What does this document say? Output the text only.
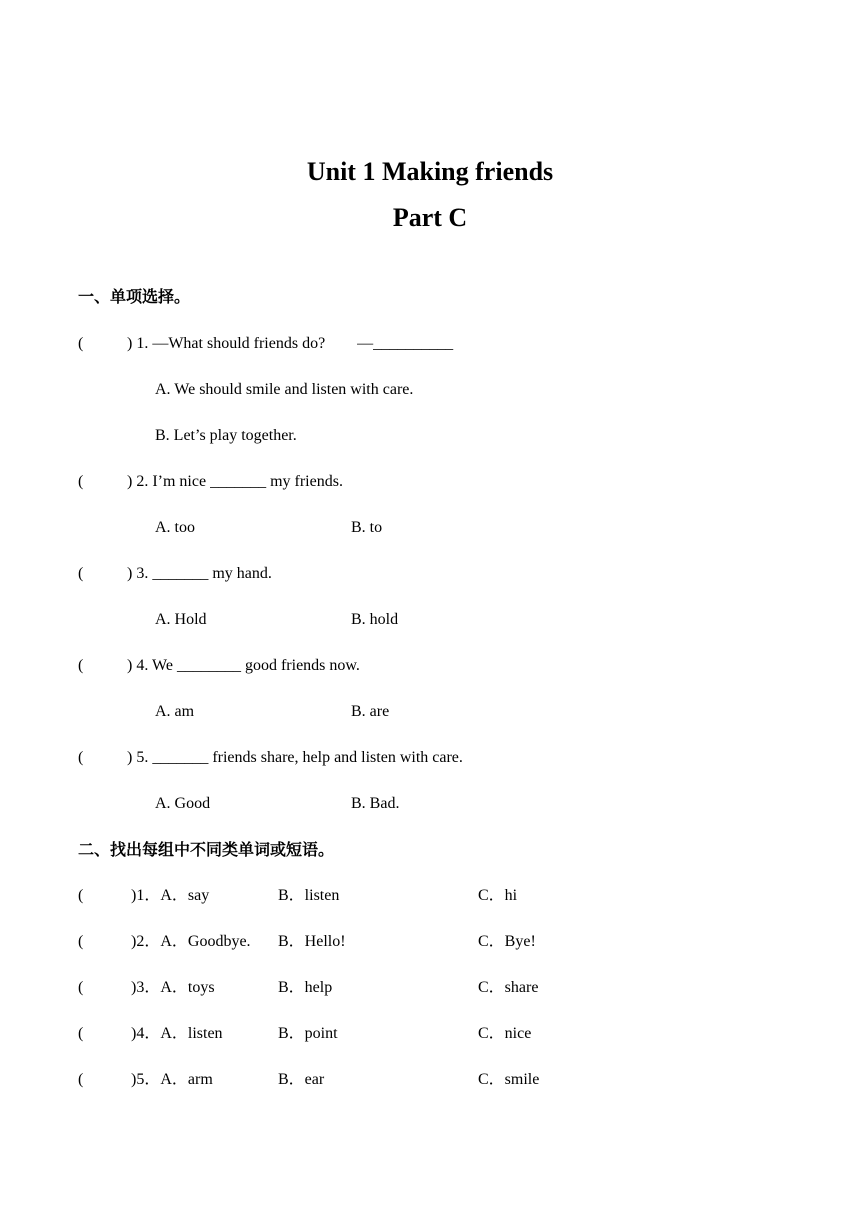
Unit 1 Making friends
Part C
一、单项选择。
(	) 1. —What should friends do?        —__________
A. We should smile and listen with care.
B. Let’s play together.
(	) 2. I’m nice _______ my friends.
A. too	B. to
(	) 3. _______ my hand.
A. Hold	B. hold
(	) 4. We ________ good friends now.
A. am	B. are
(	) 5. _______ friends share, help and listen with care.
A. Good	B. Bad.
二、找出每组中不同类单词或短语。
(	)1．A．say	B．listen	C．hi
(	)2．A．Goodbye. B．Hello!	C．Bye!
(	)3．A．toys	B．help	C．share
(	)4．A．listen	B．point	C．nice
(	)5．A．arm	B．ear	C．smile
